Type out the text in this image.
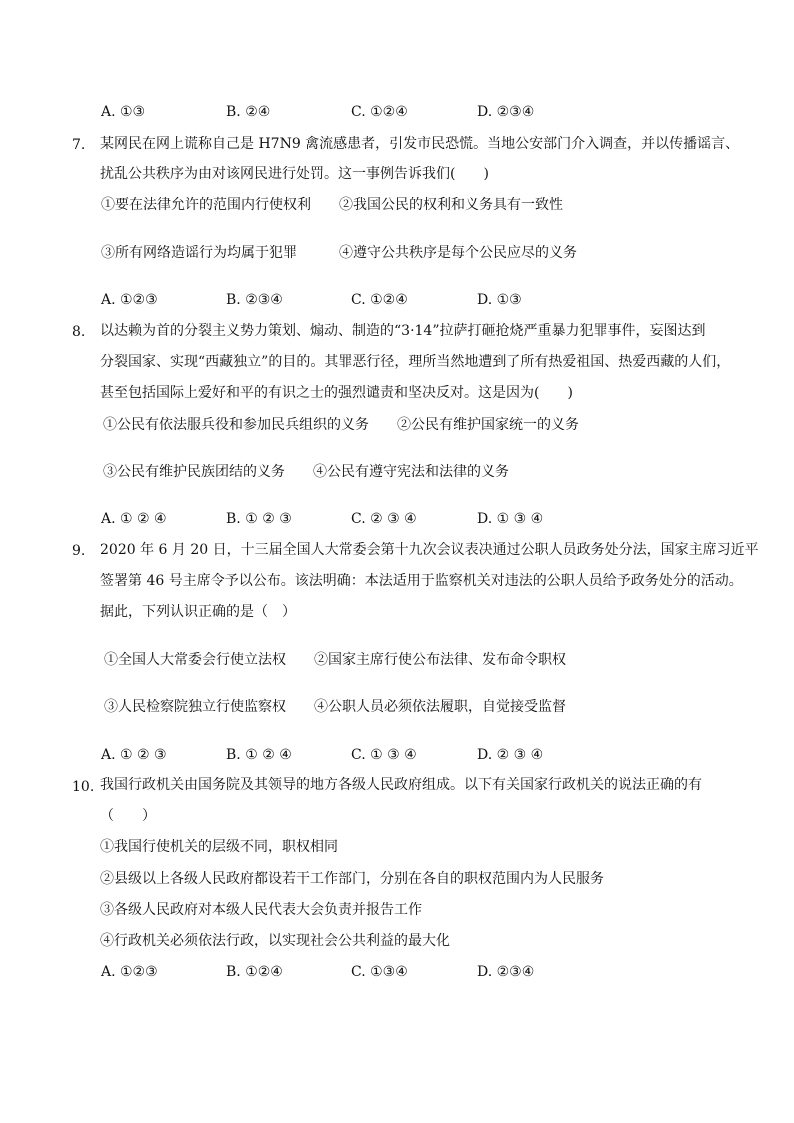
A. ①③	B. ②④	C. ①②④	D. ②③④
7. 某网民在网上谎称自己是 H7N9 禽流感患者，引发市民恐慌。当地公安部门介入调查，并以传播谣言、
扰乱公共秩序为由对该网民进行处罚。这一事例告诉我们(　　)
①要在法律允许的范围内行使权利　　②我国公民的权利和义务具有一致性
③所有网络造谣行为均属于犯罪　　　④遵守公共秩序是每个公民应尽的义务
A. ①②③	B. ②③④	C. ①②④	D. ①③
8. 以达赖为首的分裂主义势力策划、煽动、制造的“3·14”拉萨打砸抢烧严重暴力犯罪事件，妄图达到
分裂国家、实现“西藏独立”的目的。其罪恶行径，理所当然地遭到了所有热爱祖国、热爱西藏的人们，
甚至包括国际上爱好和平的有识之士的强烈谴责和坚决反对。这是因为(　　)
①公民有依法服兵役和参加民兵组织的义务　　②公民有维护国家统一的义务
③公民有维护民族团结的义务　　④公民有遵守宪法和法律的义务
A. ① ② ④	B. ① ② ③	C. ② ③ ④	D. ① ③ ④
9. 2020 年 6 月 20 日，十三届全国人大常委会第十九次会议表决通过公职人员政务处分法，国家主席习近平
签署第 46 号主席令予以公布。该法明确：本法适用于监察机关对违法的公职人员给予政务处分的活动。
据此，下列认识正确的是（　）
①全国人大常委会行使立法权　　②国家主席行使公布法律、发布命令职权
③人民检察院独立行使监察权　　④公职人员必须依法履职，自觉接受监督
A. ① ② ③	B. ① ② ④	C. ① ③ ④	D. ② ③ ④
10. 我国行政机关由国务院及其领导的地方各级人民政府组成。以下有关国家行政机关的说法正确的有
（　　）
①我国行使机关的层级不同，职权相同
②县级以上各级人民政府都设若干工作部门，分别在各自的职权范围内为人民服务
③各级人民政府对本级人民代表大会负责并报告工作
④行政机关必须依法行政，以实现社会公共利益的最大化
A. ①②③	B. ①②④	C. ①③④	D. ②③④
